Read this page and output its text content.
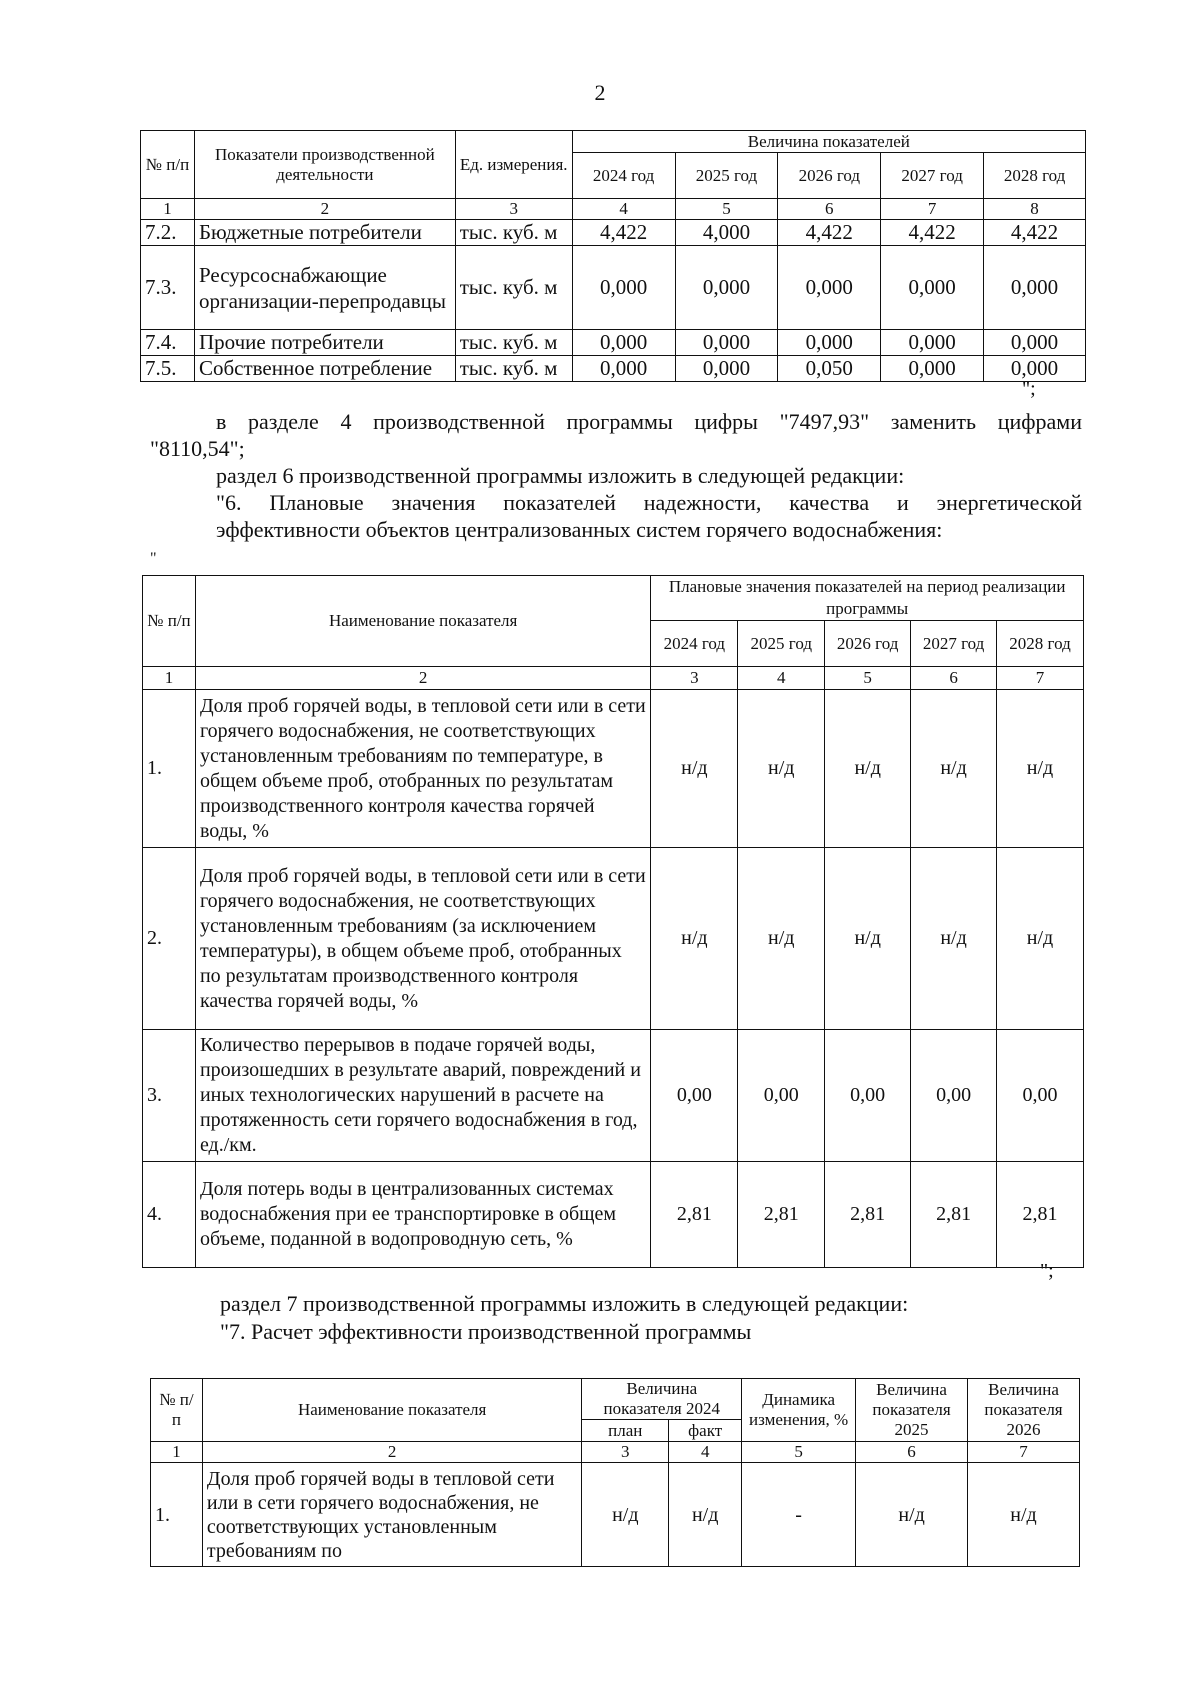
2
№ п/п	Показатели производственной деятельности	Ед. измерения.	Величина показателей				
			2024 год	2025 год	2026 год	2027 год	2028 год
1	2	3	4	5	6	7	8
7.2.	Бюджетные потребители	тыс. куб. м	4,422	4,000	4,422	4,422	4,422
7.3.	Ресурсоснабжающие организации-перепродавцы	тыс. куб. м	0,000	0,000	0,000	0,000	0,000
7.4.	Прочие потребители	тыс. куб. м	0,000	0,000	0,000	0,000	0,000
7.5.	Собственное потребление	тыс. куб. м	0,000	0,000	0,050	0,000	0,000
";
в разделе 4 производственной программы цифры "7497,93" заменить цифрами
"8110,54";
раздел 6 производственной программы изложить в следующей редакции:
"6. Плановые значения показателей надежности, качества и энергетической
эффективности объектов централизованных систем горячего водоснабжения:
"
№ п/п	Наименование показателя	Плановые значения показателей на период реализации программы				
		2024 год	2025 год	2026 год	2027 год	2028 год
1	2	3	4	5	6	7
1.	Доля проб горячей воды, в тепловой сети или в сети горячего водоснабжения, не соответствующих установленным требованиям по температуре, в общем объеме проб, отобранных по результатам производственного контроля качества горячей воды, %	н/д	н/д	н/д	н/д	н/д
2.	Доля проб горячей воды, в тепловой сети или в сети горячего водоснабжения, не соответствующих установленным требованиям (за исключением температуры), в общем объеме проб, отобранных по результатам производственного контроля качества горячей воды, %	н/д	н/д	н/д	н/д	н/д
3.	Количество перерывов в подаче горячей воды, произошедших в результате аварий, повреждений и иных технологических нарушений в расчете на протяженность сети горячего водоснабжения в год, ед./км.	0,00	0,00	0,00	0,00	0,00
4.	Доля потерь воды в централизованных системах водоснабжения при ее транспортировке в общем объеме, поданной в водопроводную сеть, %	2,81	2,81	2,81	2,81	2,81
";
раздел 7 производственной программы изложить в следующей редакции:
"7. Расчет эффективности производственной программы
№ п/п	Наименование показателя	Величина показателя 2024		Динамика изменения, %	Величина показателя 2025	Величина показателя 2026
		план	факт			
1	2	3	4	5	6	7
1.	Доля проб горячей воды в тепловой сети или в сети горячего водоснабжения, не соответствующих установленным требованиям по	н/д	н/д	-	н/д	н/д
